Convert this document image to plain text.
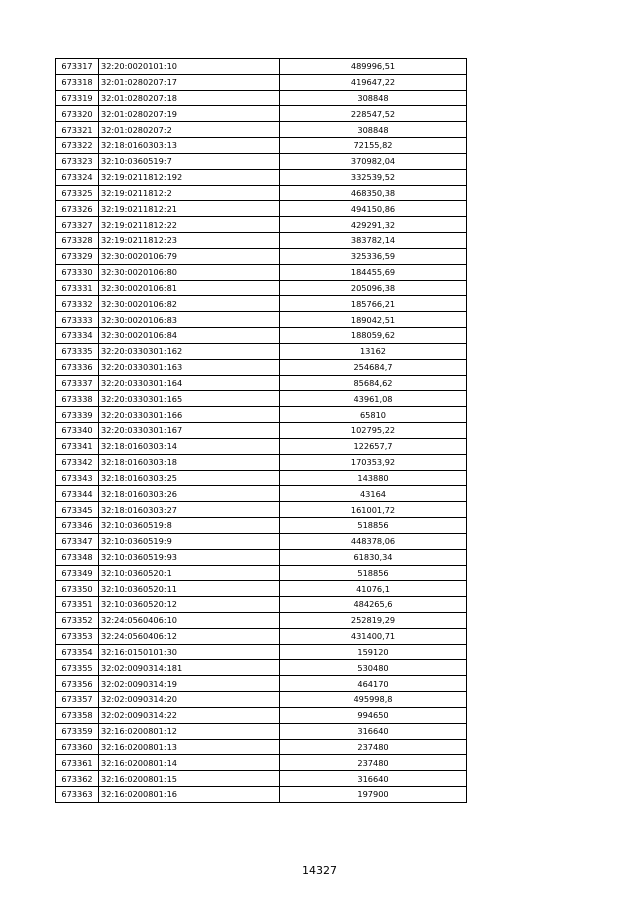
673317	32:20:0020101:10	489996,51
673318	32:01:0280207:17	419647,22
673319	32:01:0280207:18	308848
673320	32:01:0280207:19	228547,52
673321	32:01:0280207:2	308848
673322	32:18:0160303:13	72155,82
673323	32:10:0360519:7	370982,04
673324	32:19:0211812:192	332539,52
673325	32:19:0211812:2	468350,38
673326	32:19:0211812:21	494150,86
673327	32:19:0211812:22	429291,32
673328	32:19:0211812:23	383782,14
673329	32:30:0020106:79	325336,59
673330	32:30:0020106:80	184455,69
673331	32:30:0020106:81	205096,38
673332	32:30:0020106:82	185766,21
673333	32:30:0020106:83	189042,51
673334	32:30:0020106:84	188059,62
673335	32:20:0330301:162	13162
673336	32:20:0330301:163	254684,7
673337	32:20:0330301:164	85684,62
673338	32:20:0330301:165	43961,08
673339	32:20:0330301:166	65810
673340	32:20:0330301:167	102795,22
673341	32:18:0160303:14	122657,7
673342	32:18:0160303:18	170353,92
673343	32:18:0160303:25	143880
673344	32:18:0160303:26	43164
673345	32:18:0160303:27	161001,72
673346	32:10:0360519:8	518856
673347	32:10:0360519:9	448378,06
673348	32:10:0360519:93	61830,34
673349	32:10:0360520:1	518856
673350	32:10:0360520:11	41076,1
673351	32:10:0360520:12	484265,6
673352	32:24:0560406:10	252819,29
673353	32:24:0560406:12	431400,71
673354	32:16:0150101:30	159120
673355	32:02:0090314:181	530480
673356	32:02:0090314:19	464170
673357	32:02:0090314:20	495998,8
673358	32:02:0090314:22	994650
673359	32:16:0200801:12	316640
673360	32:16:0200801:13	237480
673361	32:16:0200801:14	237480
673362	32:16:0200801:15	316640
673363	32:16:0200801:16	197900
14327
